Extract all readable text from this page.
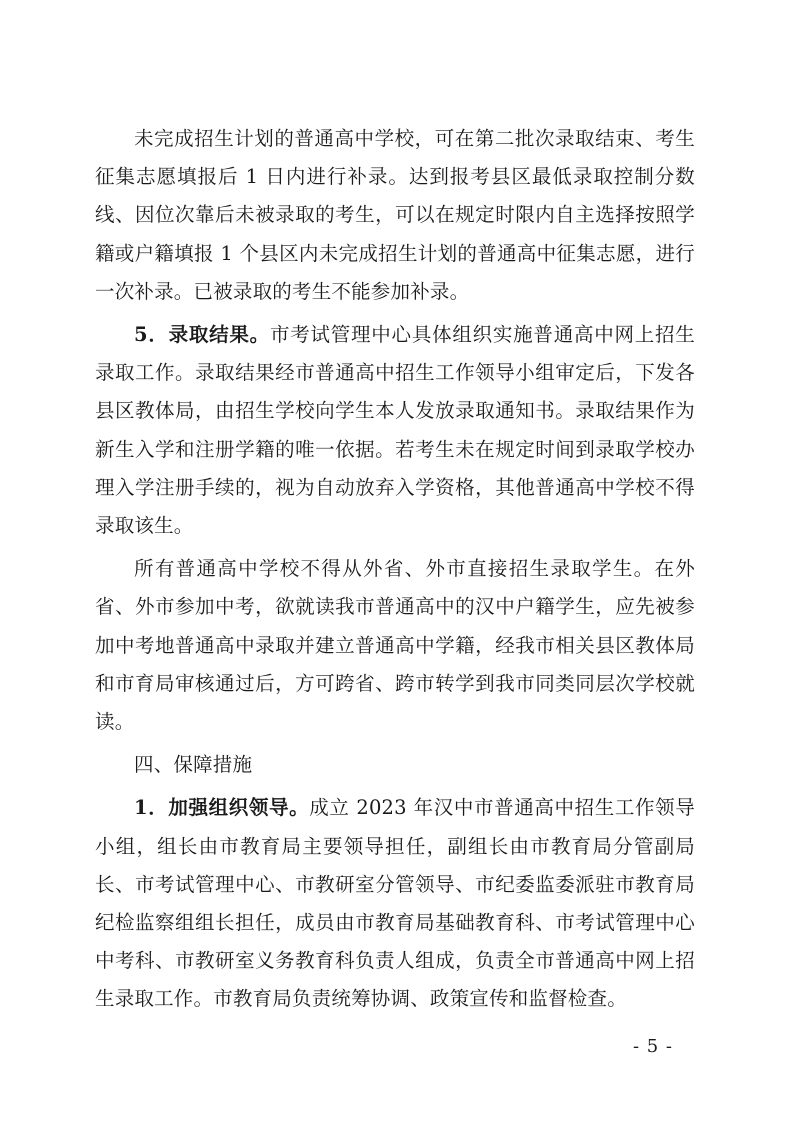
未完成招生计划的普通高中学校，可在第二批次录取结束、考生征集志愿填报后 1 日内进行补录。达到报考县区最低录取控制分数线、因位次靠后未被录取的考生，可以在规定时限内自主选择按照学籍或户籍填报 1 个县区内未完成招生计划的普通高中征集志愿，进行一次补录。已被录取的考生不能参加补录。

5．录取结果。市考试管理中心具体组织实施普通高中网上招生录取工作。录取结果经市普通高中招生工作领导小组审定后，下发各县区教体局，由招生学校向学生本人发放录取通知书。录取结果作为新生入学和注册学籍的唯一依据。若考生未在规定时间到录取学校办理入学注册手续的，视为自动放弃入学资格，其他普通高中学校不得录取该生。

所有普通高中学校不得从外省、外市直接招生录取学生。在外省、外市参加中考，欲就读我市普通高中的汉中户籍学生，应先被参加中考地普通高中录取并建立普通高中学籍，经我市相关县区教体局和市育局审核通过后，方可跨省、跨市转学到我市同类同层次学校就读。

四、保障措施

1．加强组织领导。成立 2023 年汉中市普通高中招生工作领导小组，组长由市教育局主要领导担任，副组长由市教育局分管副局长、市考试管理中心、市教研室分管领导、市纪委监委派驻市教育局纪检监察组组长担任，成员由市教育局基础教育科、市考试管理中心中考科、市教研室义务教育科负责人组成，负责全市普通高中网上招生录取工作。市教育局负责统筹协调、政策宣传和监督检查。

- 5 -
